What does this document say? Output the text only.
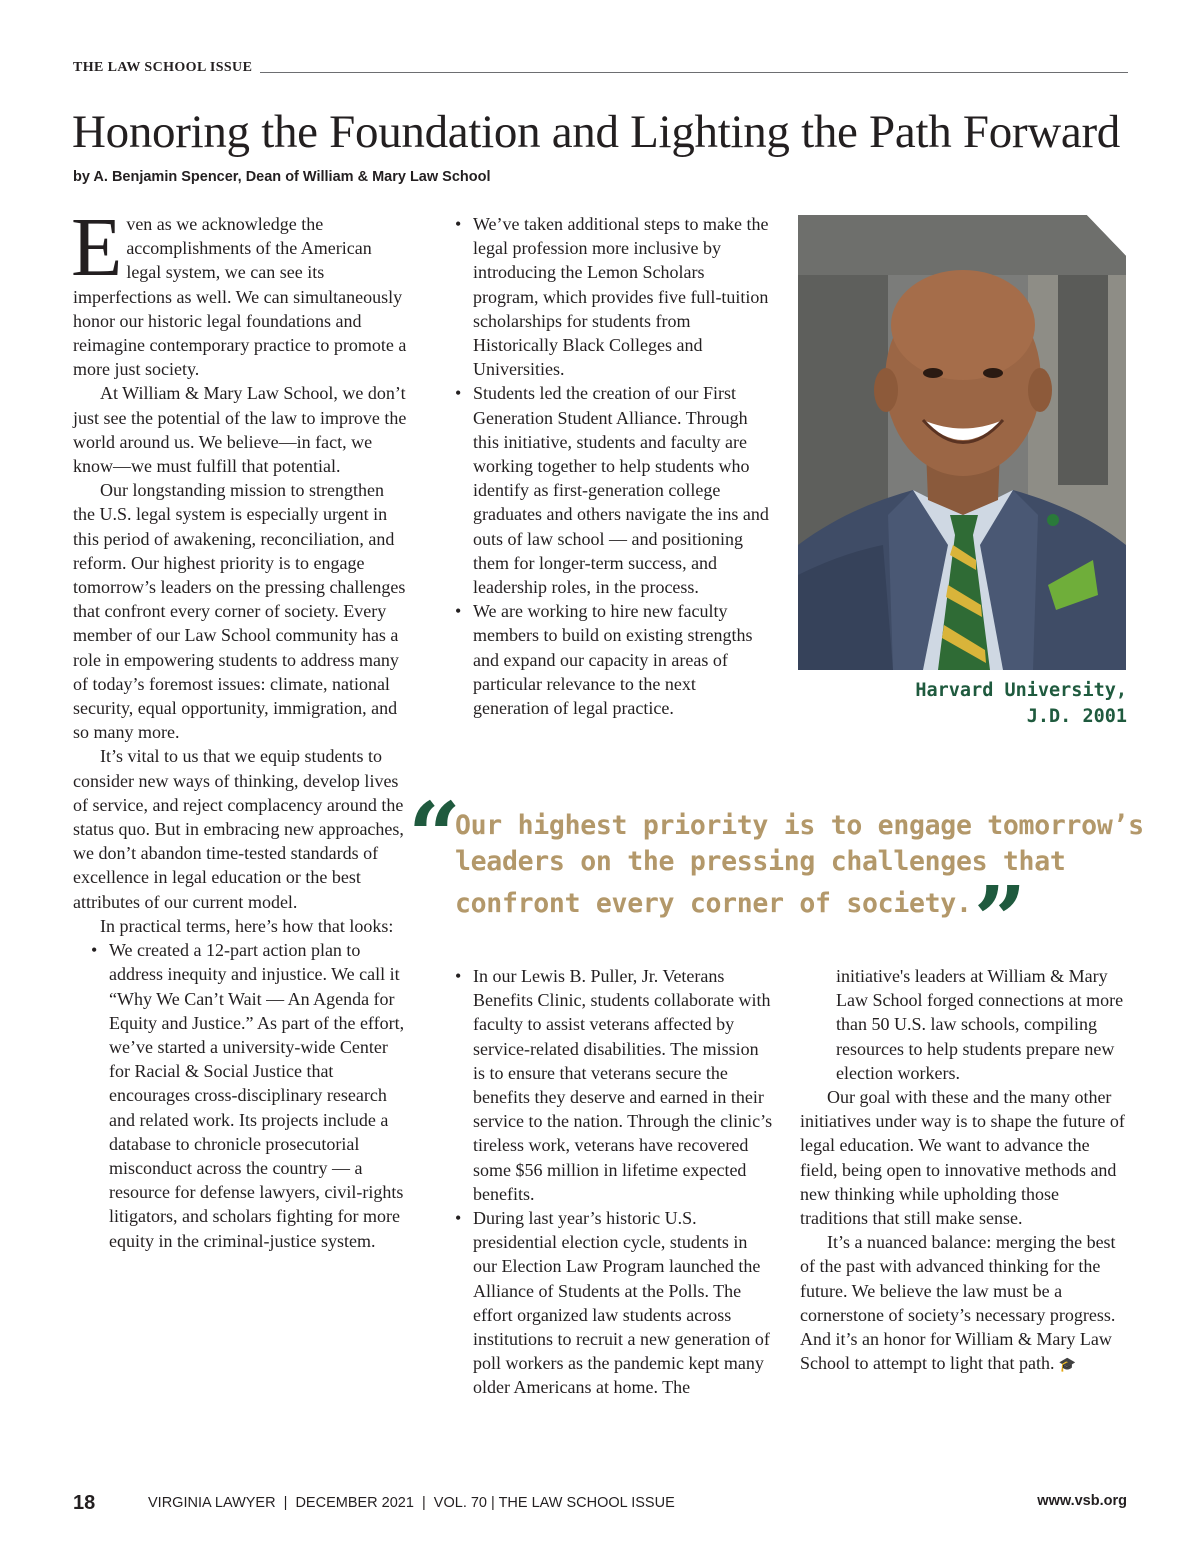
THE LAW SCHOOL ISSUE
Honoring the Foundation and Lighting the Path Forward
by A. Benjamin Spencer, Dean of William & Mary Law School

Even as we acknowledge the accomplishments of the American legal system, we can see its imperfections as well. We can simultaneously honor our historic legal foundations and reimagine contemporary practice to promote a more just society.

At William & Mary Law School, we don’t just see the potential of the law to improve the world around us. We believe—in fact, we know—we must fulfill that potential.

Our longstanding mission to strengthen the U.S. legal system is especially urgent in this period of awakening, reconciliation, and reform. Our highest priority is to engage tomorrow’s leaders on the pressing challenges that confront every corner of society. Every member of our Law School community has a role in empowering students to address many of today’s foremost issues: climate, national security, equal opportunity, immigration, and so many more.

It’s vital to us that we equip students to consider new ways of thinking, develop lives of service, and reject complacency around the status quo. But in embracing new approaches, we don’t abandon time-tested standards of excellence in legal education or the best attributes of our current model.

In practical terms, here’s how that looks:

• We created a 12-part action plan to address inequity and injustice. We call it “Why We Can’t Wait — An Agenda for Equity and Justice.” As part of the effort, we’ve started a university-wide Center for Racial & Social Justice that encourages cross-disciplinary research and related work. Its projects include a database to chronicle prosecutorial misconduct across the country — a resource for defense lawyers, civil-rights litigators, and scholars fighting for more equity in the criminal-justice system.
• We’ve taken additional steps to make the legal profession more inclusive by introducing the Lemon Scholars program, which provides five full-tuition scholarships for students from Historically Black Colleges and Universities.
• Students led the creation of our First Generation Student Alliance. Through this initiative, students and faculty are working together to help students who identify as first-generation college graduates and others navigate the ins and outs of law school — and positioning them for longer-term success, and leadership roles, in the process.
• We are working to hire new faculty members to build on existing strengths and expand our capacity in areas of particular relevance to the next generation of legal practice.
Harvard University,
J.D. 2001
“
Our highest priority is to engage tomorrow’s leaders on the pressing challenges that confront every corner of society.”
• In our Lewis B. Puller, Jr. Veterans Benefits Clinic, students collaborate with faculty to assist veterans affected by service-related disabilities. The mission is to ensure that veterans secure the benefits they deserve and earned in their service to the nation. Through the clinic’s tireless work, veterans have recovered some $56 million in lifetime expected benefits.
• During last year’s historic U.S. presidential election cycle, students in our Election Law Program launched the Alliance of Students at the Polls. The effort organized law students across institutions to recruit a new generation of poll workers as the pandemic kept many older Americans at home. The

initiative's leaders at William & Mary Law School forged connections at more than 50 U.S. law schools, compiling resources to help students prepare new election workers.

Our goal with these and the many other initiatives under way is to shape the future of legal education. We want to advance the field, being open to innovative methods and new thinking while upholding those traditions that still make sense.

It’s a nuanced balance: merging the best of the past with advanced thinking for the future. We believe the law must be a cornerstone of society’s necessary progress. And it’s an honor for William & Mary Law School to attempt to light that path. 🎓

18	VIRGINIA LAWYER  |  DECEMBER 2021  |  VOL. 70 | THE LAW SCHOOL ISSUE	www.vsb.org
